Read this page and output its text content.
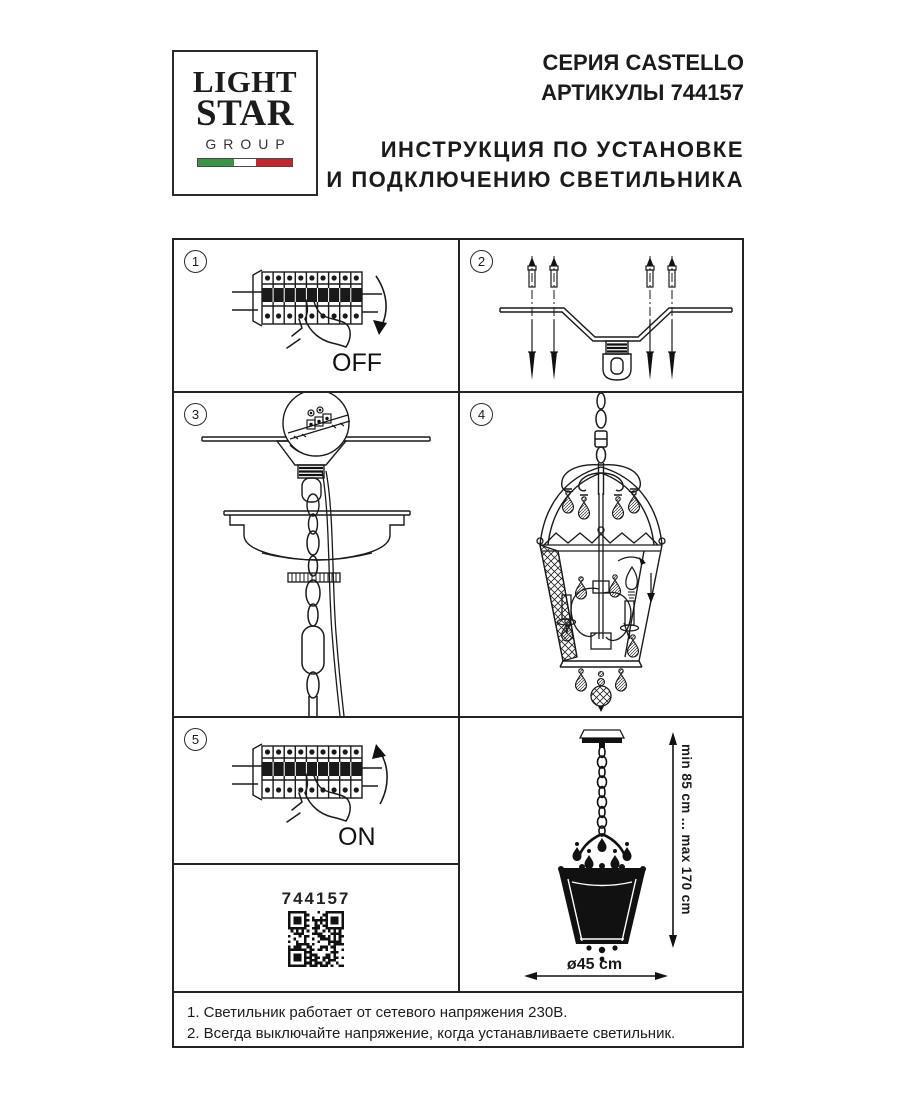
LIGHT
STAR
GROUP
СЕРИЯ CASTELLO
АРТИКУЛЫ 744157
ИНСТРУКЦИЯ ПО УСТАНОВКЕ
И ПОДКЛЮЧЕНИЮ СВЕТИЛЬНИКА
OFF
1	2
3	4
ON
5
744157	min 85 cm ... max 170 cm
ø45 cm
1. Светильник работает от сетевого напряжения 230В.
2. Всегда выключайте напряжение, когда устанавливаете светильник.
